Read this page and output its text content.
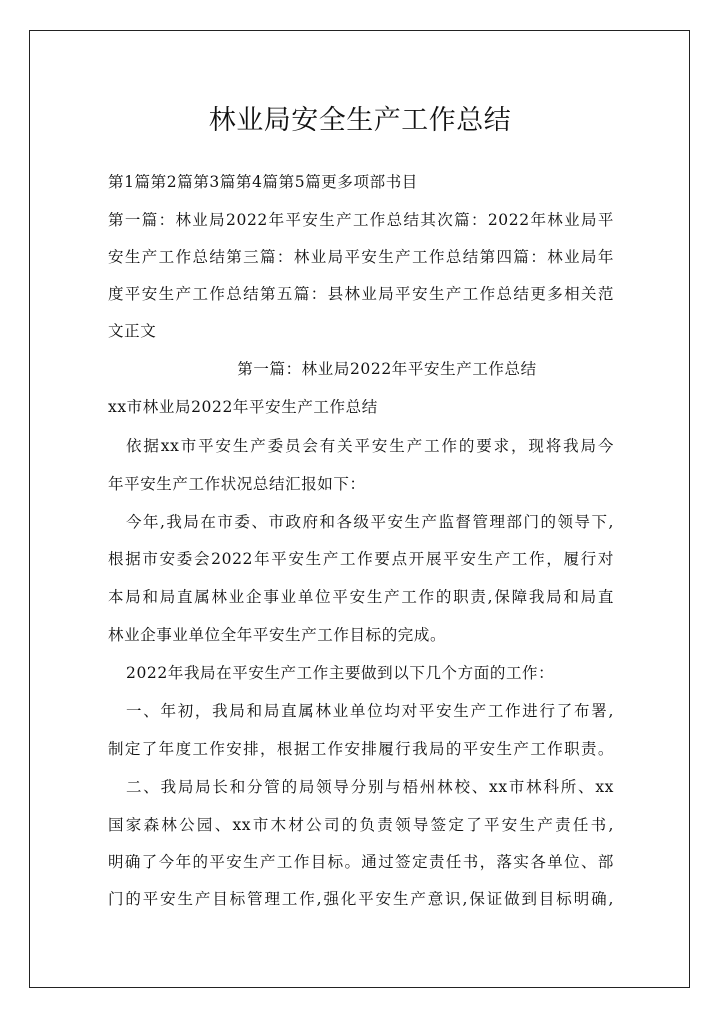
林业局安全生产工作总结
第1篇第2篇第3篇第4篇第5篇更多项部书目
第一篇：林业局2022年平安生产工作总结其次篇：2022年林业局平
安生产工作总结第三篇：林业局平安生产工作总结第四篇：林业局年
度平安生产工作总结第五篇：县林业局平安生产工作总结更多相关范
文正文
第一篇：林业局2022年平安生产工作总结
xx市林业局2022年平安生产工作总结
依据xx市平安生产委员会有关平安生产工作的要求，现将我局今
年平安生产工作状况总结汇报如下：
今年,我局在市委、市政府和各级平安生产监督管理部门的领导下,
根据市安委会2022年平安生产工作要点开展平安生产工作，履行对
本局和局直属林业企事业单位平安生产工作的职责,保障我局和局直
林业企事业单位全年平安生产工作目标的完成。
2022年我局在平安生产工作主要做到以下几个方面的工作：
一、年初，我局和局直属林业单位均对平安生产工作进行了布署,
制定了年度工作安排，根据工作安排履行我局的平安生产工作职责。
二、我局局长和分管的局领导分别与梧州林校、xx市林科所、xx
国家森林公园、xx市木材公司的负责领导签定了平安生产责任书,
明确了今年的平安生产工作目标。通过签定责任书，落实各单位、部
门的平安生产目标管理工作,强化平安生产意识,保证做到目标明确,
